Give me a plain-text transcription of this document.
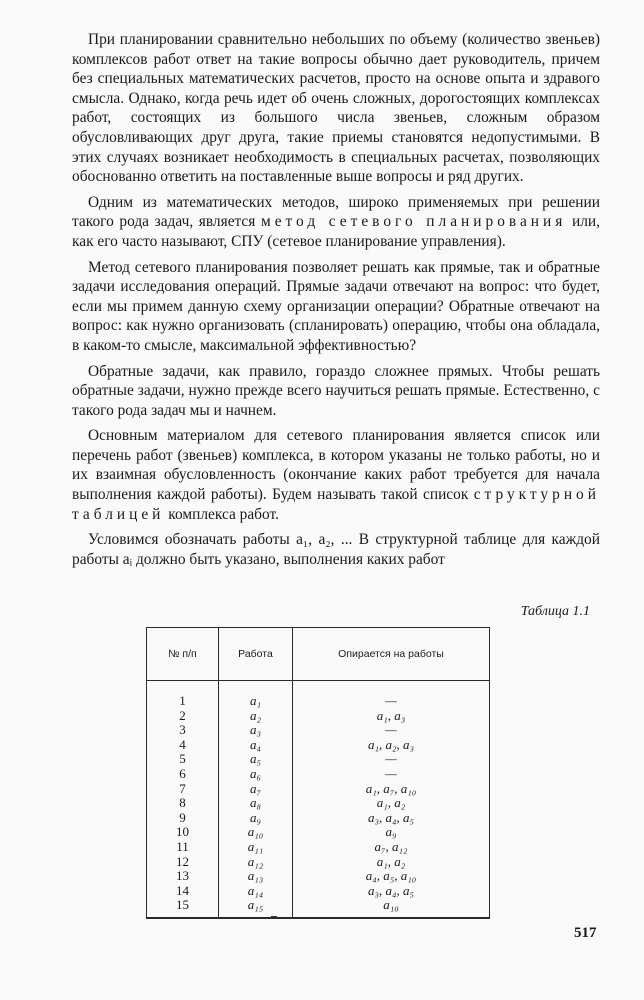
При планировании сравнительно небольших по объему (количество звеньев) комплексов работ ответ на такие вопросы обычно дает руководитель, причем без специальных математических расчетов, просто на основе опыта и здравого смысла. Однако, когда речь идет об очень сложных, дорогостоящих комплексах работ, состоящих из большого числа звеньев, сложным образом обусловливающих друг друга, такие приемы становятся недопустимыми. В этих случаях возникает необходимость в специальных расчетах, позволяющих обоснованно ответить на поставленные выше вопросы и ряд других.

Одним из математических методов, широко применяемых при решении такого рода задач, является метод сетевого планирования или, как его часто называют, СПУ (сетевое планирование управления).

Метод сетевого планирования позволяет решать как прямые, так и обратные задачи исследования операций. Прямые задачи отвечают на вопрос: что будет, если мы примем данную схему организации операции? Обратные отвечают на вопрос: как нужно организовать (спланировать) операцию, чтобы она обладала, в каком-то смысле, максимальной эффективностью?

Обратные задачи, как правило, гораздо сложнее прямых. Чтобы решать обратные задачи, нужно прежде всего научиться решать прямые. Естественно, с такого рода задач мы и начнем.

Основным материалом для сетевого планирования является список или перечень работ (звеньев) комплекса, в котором указаны не только работы, но и их взаимная обусловленность (окончание каких работ требуется для начала выполнения каждой работы). Будем называть такой список структурной таблицей комплекса работ.

Условимся обозначать работы a₁, a₂, ... В структурной таблице для каждой работы aᵢ должно быть указано, выполнения каких работ

Таблица 1.1
№ п/п	Работа	Опирается на работы
1
2
3
4
5
6
7
8
9
10
11
12
13
14
15
a₁
a₂
a₃
a₄
a₅
a₆
a₇
a₈
a₉
a₁₀
a₁₁
a₁₂
a₁₃
a₁₄
a₁₅
—
a₁, a₃
—
a₁, a₂, a₃
—
—
a₁, a₇, a₁₀
a₁, a₂
a₃, a₄, a₅
a₉
a₇, a₁₂
a₁, a₂
a₄, a₅, a₁₀
a₃, a₄, a₅
a₁₀
517
